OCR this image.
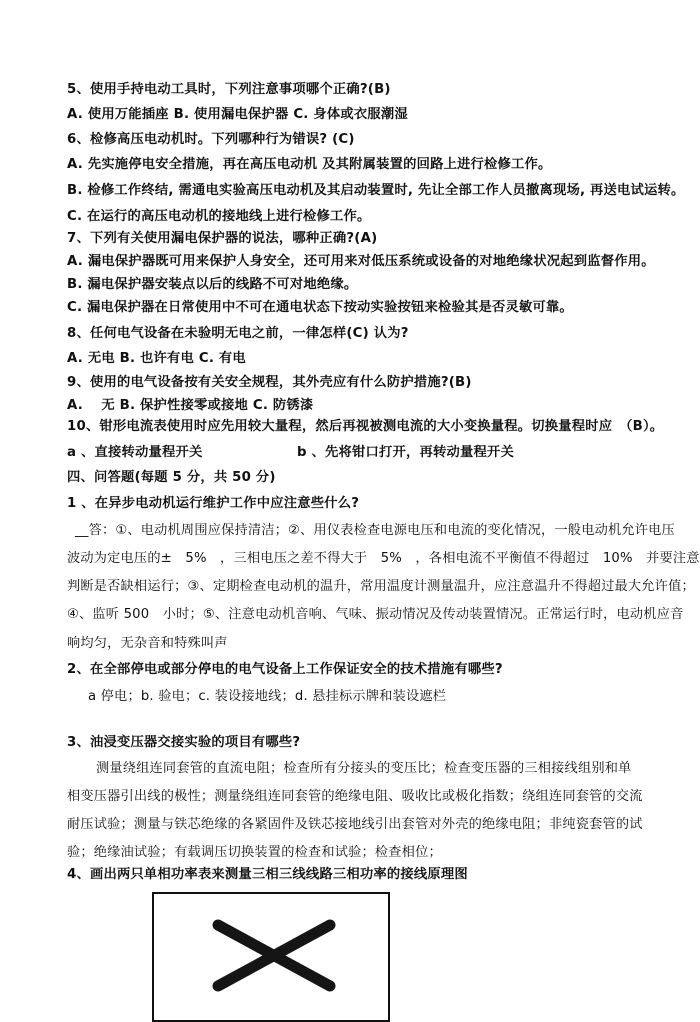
5、使用手持电动工具时，下列注意事项哪个正确?(B)
A. 使用万能插座 B. 使用漏电保护器 C. 身体或衣服潮湿
6、检修高压电动机时。下列哪种行为错误? (C)
A. 先实施停电安全措施，再在高压电动机 及其附属装置的回路上进行检修工作。
B. 检修工作终结, 需通电实验高压电动机及其启动装置时, 先让全部工作人员撤离现场, 再送电试运转。
C. 在运行的高压电动机的接地线上进行检修工作。
7、下列有关使用漏电保护器的说法，哪种正确?(A)
A. 漏电保护器既可用来保护人身安全，还可用来对低压系统或设备的对地绝缘状况起到监督作用。
B. 漏电保护器安装点以后的线路不可对地绝缘。
C. 漏电保护器在日常使用中不可在通电状态下按动实验按钮来检验其是否灵敏可靠。
8、任何电气设备在未验明无电之前，一律怎样(C) 认为?
A. 无电 B. 也许有电 C. 有电
9、使用的电气设备按有关安全规程，其外壳应有什么防护措施?(B)
A.　 无 B. 保护性接零或接地 C. 防锈漆
10、钳形电流表使用时应先用较大量程，然后再视被测电流的大小变换量程。切换量程时应　（B）。
a 、直接转动量程开关　　　　　　　b 、先将钳口打开，再转动量程开关
四、问答题(每题 5 分，共 50 分)
1 、在异步电动机运行维护工作中应注意些什么?
__答：①、电动机周围应保持清洁；②、用仪表检查电源电压和电流的变化情况，一般电动机允许电压
波动为定电压的±　5%　，三相电压之差不得大于　5%　，各相电流不平衡值不得超过　10%　并要注意
判断是否缺相运行；③、定期检查电动机的温升，常用温度计测量温升，应注意温升不得超过最大允许值；
④、监听 500　小时；⑤、注意电动机音响、气味、振动情况及传动装置情况。正常运行时，电动机应音
响均匀，无杂音和特殊叫声
2、在全部停电或部分停电的电气设备上工作保证安全的技术措施有哪些?
a 停电；b. 验电；c. 装设接地线；d. 悬挂标示牌和装设遮栏
3、油浸变压器交接实验的项目有哪些?
测量绕组连同套管的直流电阻；检查所有分接头的变压比；检查变压器的三相接线组别和单
相变压器引出线的极性；测量绕组连同套管的绝缘电阻、吸收比或极化指数；绕组连同套管的交流
耐压试验；测量与铁芯绝缘的各紧固件及铁芯接地线引出套管对外壳的绝缘电阻；非纯瓷套管的试
验；绝缘油试验；有载调压切换装置的检查和试验；检查相位；
4、画出两只单相功率表来测量三相三线线路三相功率的接线原理图
